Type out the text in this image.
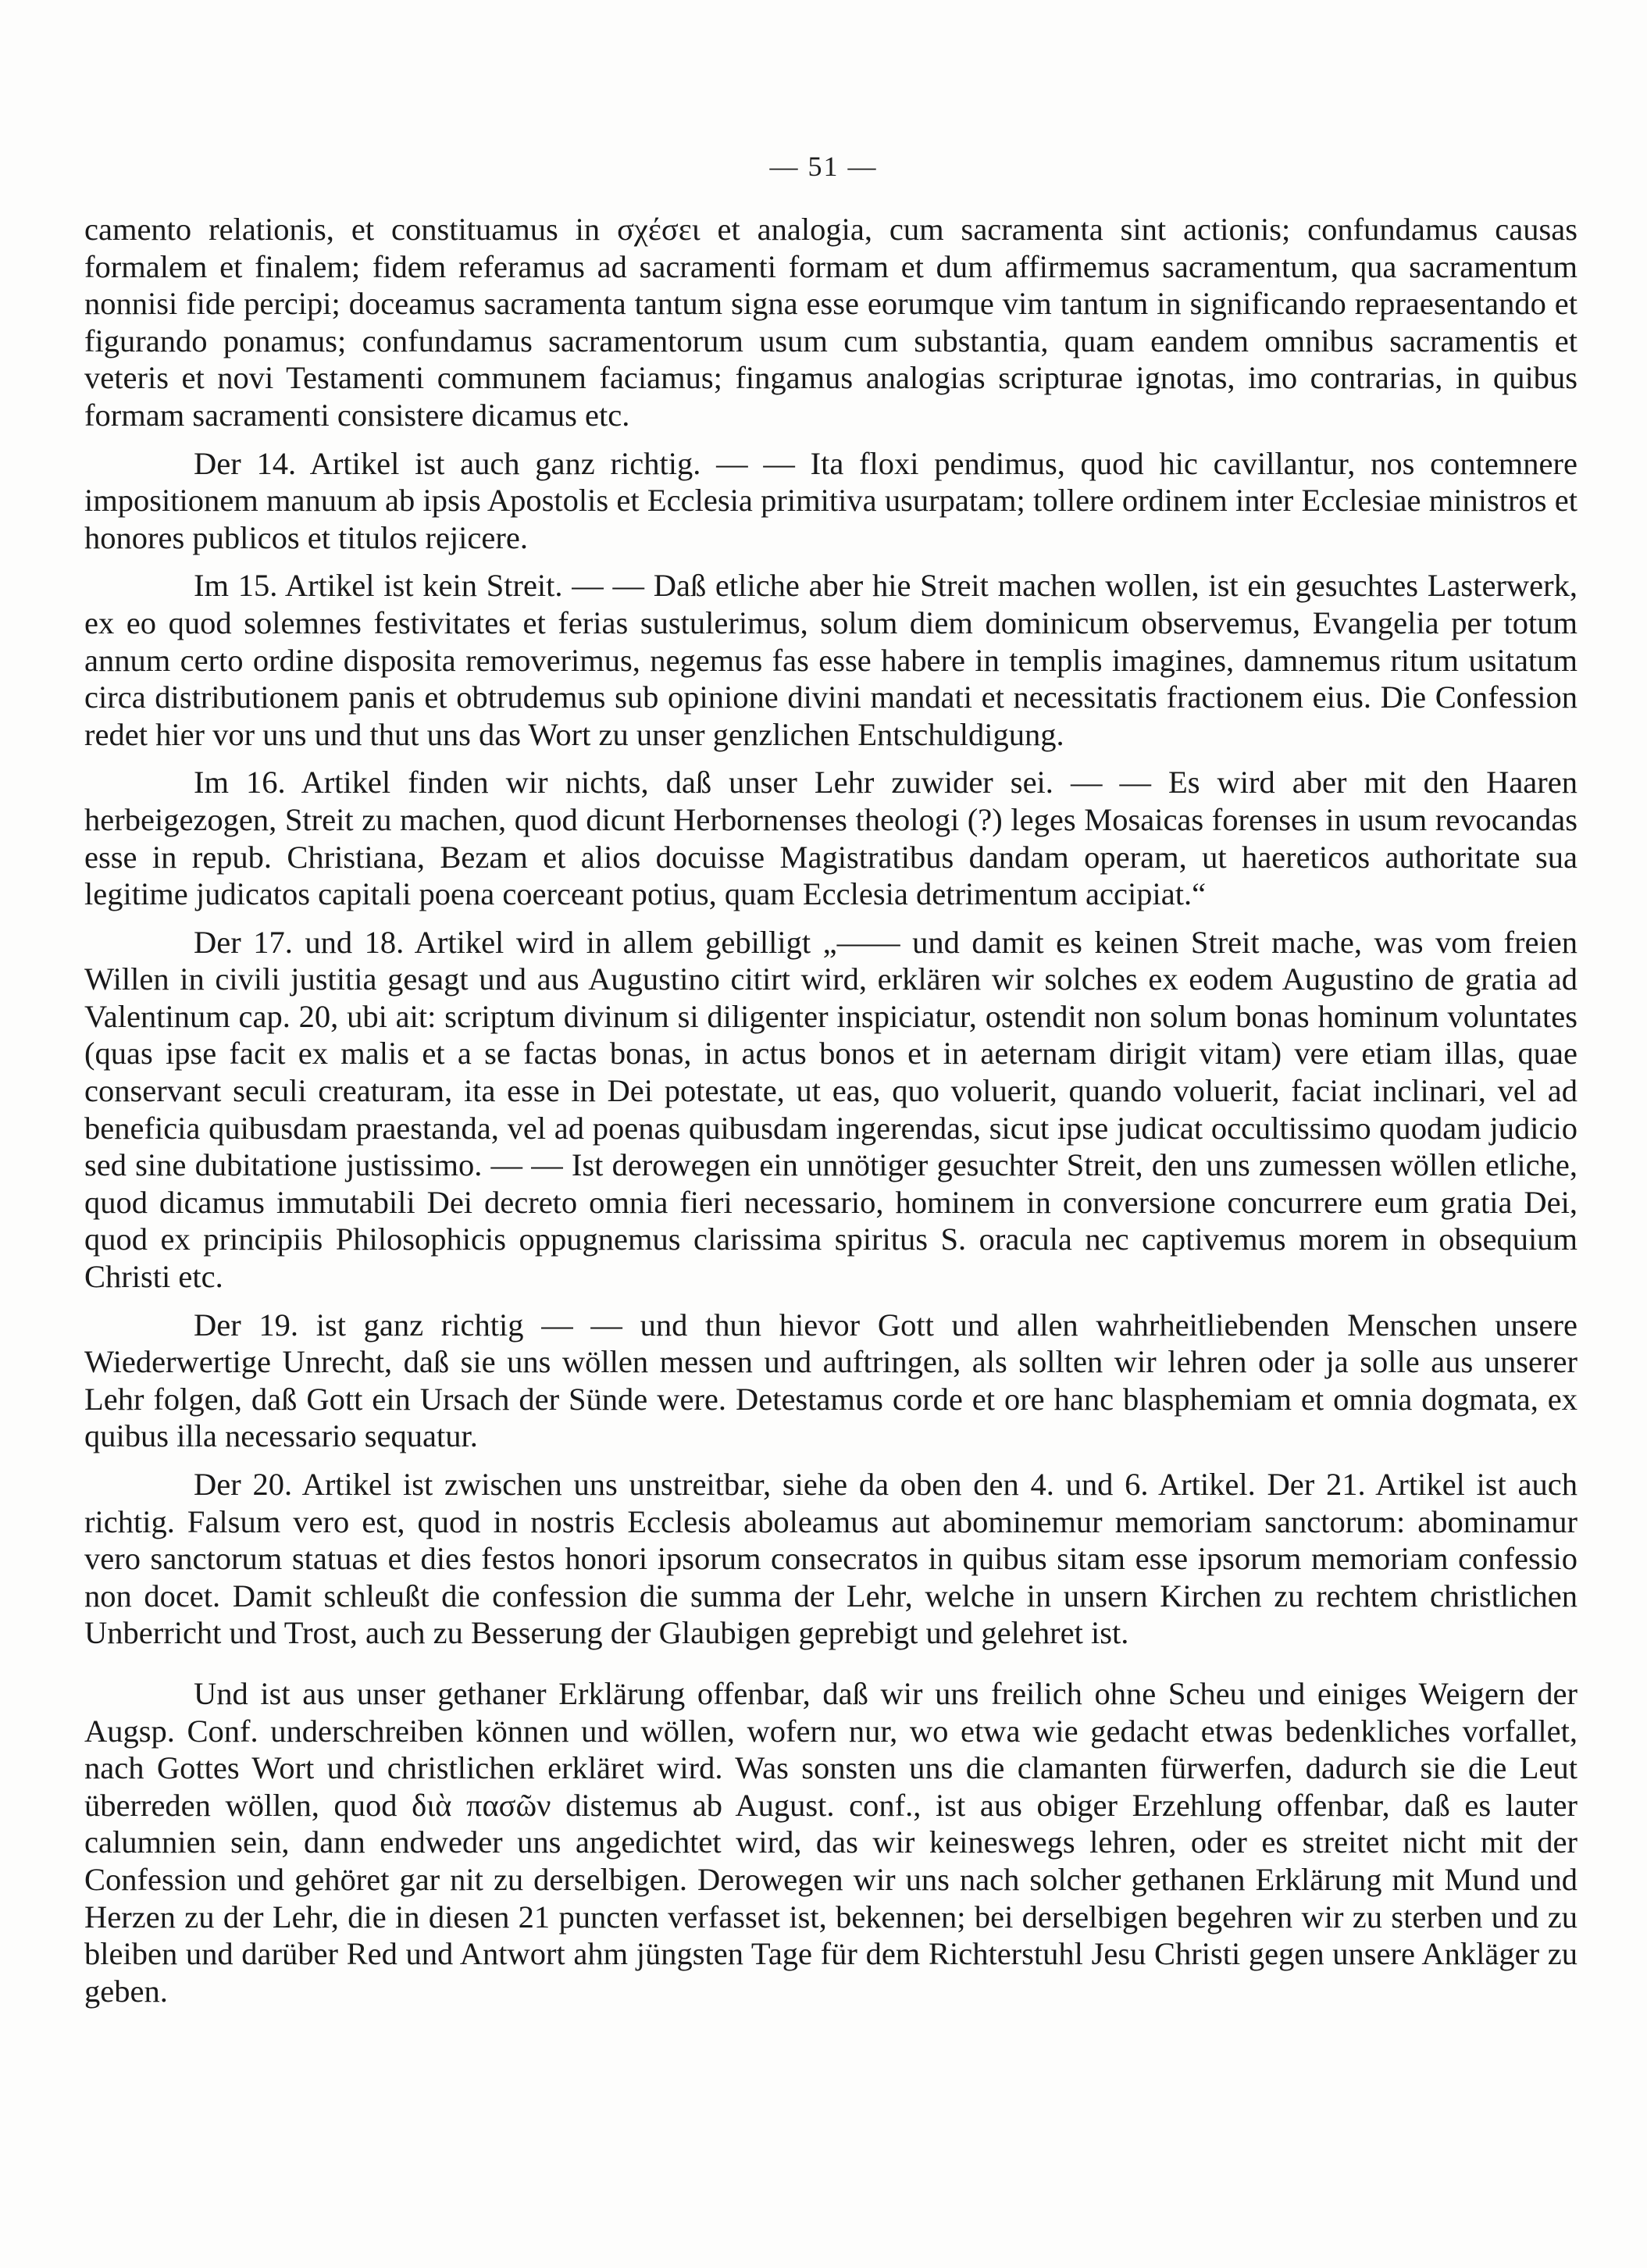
— 51 —

camento relationis, et constituamus in σχέσει et analogia, cum sacramenta sint actionis; confundamus causas formalem et finalem; fidem referamus ad sacramenti formam et dum affirmemus sacramentum, qua sacramentum nonnisi fide percipi; doceamus sacramenta tantum signa esse eorumque vim tantum in significando repraesentando et figurando ponamus; confundamus sacramentorum usum cum substantia, quam eandem omnibus sacramentis et veteris et novi Testamenti communem faciamus; fingamus analogias scripturae ignotas, imo contrarias, in quibus formam sacramenti consistere dicamus etc.

Der 14. Artikel ist auch ganz richtig. — — Ita floxi pendimus, quod hic cavillantur, nos contemnere impositionem manuum ab ipsis Apostolis et Ecclesia primitiva usurpatam; tollere ordinem inter Ecclesiae ministros et honores publicos et titulos rejicere.

Im 15. Artikel ist kein Streit. — — Daß etliche aber hie Streit machen wollen, ist ein gesuchtes Lasterwerk, ex eo quod solemnes festivitates et ferias sustulerimus, solum diem dominicum observemus, Evangelia per totum annum certo ordine disposita removerimus, negemus fas esse habere in templis imagines, damnemus ritum usitatum circa distributionem panis et obtrudemus sub opinione divini mandati et necessitatis fractionem eius. Die Confession redet hier vor uns und thut uns das Wort zu unser genzlichen Entschuldigung.

Im 16. Artikel finden wir nichts, daß unser Lehr zuwider sei. — — Es wird aber mit den Haaren herbeigezogen, Streit zu machen, quod dicunt Herbornenses theologi (?) leges Mosaicas forenses in usum revocandas esse in repub. Christiana, Bezam et alios docuisse Magistratibus dandam operam, ut haereticos authoritate sua legitime judicatos capitali poena coerceant potius, quam Ecclesia detrimentum accipiat.“

Der 17. und 18. Artikel wird in allem gebilligt „—— und damit es keinen Streit mache, was vom freien Willen in civili justitia gesagt und aus Augustino citirt wird, erklären wir solches ex eodem Augustino de gratia ad Valentinum cap. 20, ubi ait: scriptum divinum si diligenter inspiciatur, ostendit non solum bonas hominum voluntates (quas ipse facit ex malis et a se factas bonas, in actus bonos et in aeternam dirigit vitam) vere etiam illas, quae conservant seculi creaturam, ita esse in Dei potestate, ut eas, quo voluerit, quando voluerit, faciat inclinari, vel ad beneficia quibusdam praestanda, vel ad poenas quibusdam ingerendas, sicut ipse judicat occultissimo quodam judicio sed sine dubitatione justissimo. — — Ist derowegen ein unnötiger gesuchter Streit, den uns zumessen wöllen etliche, quod dicamus immutabili Dei decreto omnia fieri necessario, hominem in conversione concurrere eum gratia Dei, quod ex principiis Philosophicis oppugnemus clarissima spiritus S. oracula nec captivemus morem in obsequium Christi etc.

Der 19. ist ganz richtig — — und thun hievor Gott und allen wahrheitliebenden Menschen unsere Wiederwertige Unrecht, daß sie uns wöllen messen und auftringen, als sollten wir lehren oder ja solle aus unserer Lehr folgen, daß Gott ein Ursach der Sünde were. Detestamus corde et ore hanc blasphemiam et omnia dogmata, ex quibus illa necessario sequatur.

Der 20. Artikel ist zwischen uns unstreitbar, siehe da oben den 4. und 6. Artikel. Der 21. Artikel ist auch richtig. Falsum vero est, quod in nostris Ecclesis aboleamus aut abominemur memoriam sanctorum: abominamur vero sanctorum statuas et dies festos honori ipsorum consecratos in quibus sitam esse ipsorum memoriam confessio non docet. Damit schleußt die confession die summa der Lehr, welche in unsern Kirchen zu rechtem christlichen Unberricht und Trost, auch zu Besserung der Glaubigen geprebigt und gelehret ist.

Und ist aus unser gethaner Erklärung offenbar, daß wir uns freilich ohne Scheu und einiges Weigern der Augsp. Conf. underschreiben können und wöllen, wofern nur, wo etwa wie gedacht etwas bedenkliches vorfallet, nach Gottes Wort und christlichen erkläret wird. Was sonsten uns die clamanten fürwerfen, dadurch sie die Leut überreden wöllen, quod διὰ πασῶν distemus ab August. conf., ist aus obiger Erzehlung offenbar, daß es lauter calumnien sein, dann endweder uns angedichtet wird, das wir keineswegs lehren, oder es streitet nicht mit der Confession und gehöret gar nit zu derselbigen. Derowegen wir uns nach solcher gethanen Erklärung mit Mund und Herzen zu der Lehr, die in diesen 21 puncten verfasset ist, bekennen; bei derselbigen begehren wir zu sterben und zu bleiben und darüber Red und Antwort ahm jüngsten Tage für dem Richterstuhl Jesu Christi gegen unsere Ankläger zu geben.
